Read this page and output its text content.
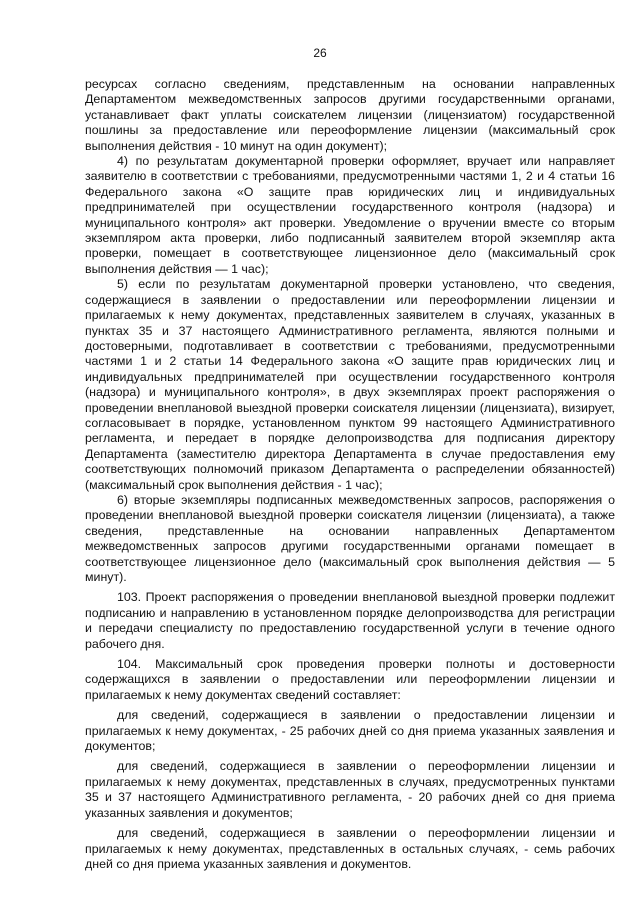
26

ресурсах согласно сведениям, представленным на основании направленных Департаментом межведомственных запросов другими государственными органами, устанавливает факт уплаты соискателем лицензии (лицензиатом) государственной пошлины за предоставление или переоформление лицензии (максимальный срок выполнения действия - 10 минут на один документ);

4) по результатам документарной проверки оформляет, вручает или направляет заявителю в соответствии с требованиями, предусмотренными частями 1, 2 и 4 статьи 16 Федерального закона «О защите прав юридических лиц и индивидуальных предпринимателей при осуществлении государственного контроля (надзора) и муниципального контроля» акт проверки. Уведомление о вручении вместе со вторым экземпляром акта проверки, либо подписанный заявителем второй экземпляр акта проверки, помещает в соответствующее лицензионное дело (максимальный срок выполнения действия — 1 час);

5) если по результатам документарной проверки установлено, что сведения, содержащиеся в заявлении о предоставлении или переоформлении лицензии и прилагаемых к нему документах, представленных заявителем в случаях, указанных в пунктах 35 и 37 настоящего Административного регламента, являются полными и достоверными, подготавливает в соответствии с требованиями, предусмотренными частями 1 и 2 статьи 14 Федерального закона «О защите прав юридических лиц и индивидуальных предпринимателей при осуществлении государственного контроля (надзора) и муниципального контроля», в двух экземплярах проект распоряжения о проведении внеплановой выездной проверки соискателя лицензии (лицензиата), визирует, согласовывает в порядке, установленном пунктом 99 настоящего Административного регламента, и передает в порядке делопроизводства для подписания директору Департамента (заместителю директора Департамента в случае предоставления ему соответствующих полномочий приказом Департамента о распределении обязанностей) (максимальный срок выполнения действия - 1 час);

6) вторые экземпляры подписанных межведомственных запросов, распоряжения о проведении внеплановой выездной проверки соискателя лицензии (лицензиата), а также сведения, представленные на основании направленных Департаментом межведомственных запросов другими государственными органами помещает в соответствующее лицензионное дело (максимальный срок выполнения действия — 5 минут).

103. Проект распоряжения о проведении внеплановой выездной проверки подлежит подписанию и направлению в установленном порядке делопроизводства для регистрации и передачи специалисту по предоставлению государственной услуги в течение одного рабочего дня.

104. Максимальный срок проведения проверки полноты и достоверности содержащихся в заявлении о предоставлении или переоформлении лицензии и прилагаемых к нему документах сведений составляет:

для сведений, содержащиеся в заявлении о предоставлении лицензии и прилагаемых к нему документах, - 25 рабочих дней со дня приема указанных заявления и документов;

для сведений, содержащиеся в заявлении о переоформлении лицензии и прилагаемых к нему документах, представленных в случаях, предусмотренных пунктами 35 и 37 настоящего Административного регламента, - 20 рабочих дней со дня приема указанных заявления и документов;

для сведений, содержащиеся в заявлении о переоформлении лицензии и прилагаемых к нему документах, представленных в остальных случаях, - семь рабочих дней со дня приема указанных заявления и документов.
